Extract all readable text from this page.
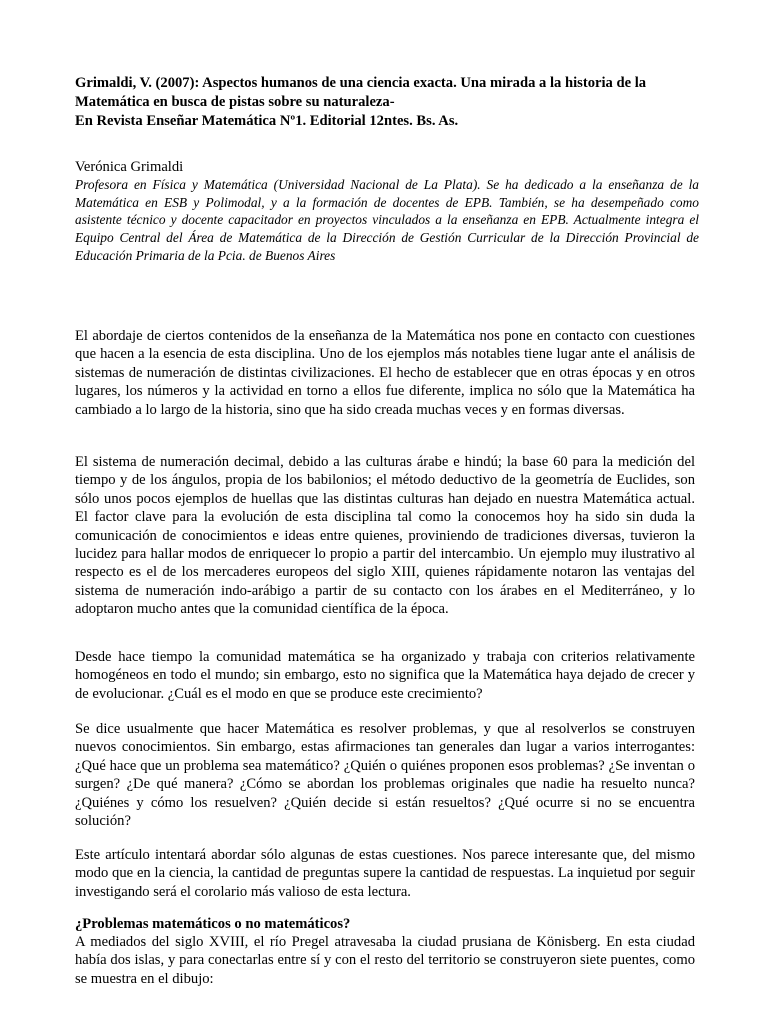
Grimaldi, V. (2007): Aspectos humanos de una ciencia exacta. Una mirada a la historia de la
Matemática en busca de pistas sobre su naturaleza-
En Revista Enseñar Matemática Nº1. Editorial 12ntes. Bs. As.
Verónica Grimaldi
Profesora en Física y Matemática (Universidad Nacional de La Plata). Se ha dedicado a la enseñanza de la Matemática en ESB y Polimodal, y a la formación de docentes de EPB. También, se ha desempeñado como asistente técnico y docente capacitador en proyectos vinculados a la enseñanza en EPB. Actualmente integra el Equipo Central del Área de Matemática de la Dirección de Gestión Curricular de la Dirección Provincial de Educación Primaria de la Pcia. de Buenos Aires
El abordaje de ciertos contenidos de la enseñanza de la Matemática nos pone en contacto con cuestiones que hacen a la esencia de esta disciplina. Uno de los ejemplos más notables tiene lugar ante el análisis de sistemas de numeración de distintas civilizaciones. El hecho de establecer que en otras épocas y en otros lugares, los números y la actividad en torno a ellos fue diferente, implica no sólo que la Matemática ha cambiado a lo largo de la historia, sino que ha sido creada muchas veces y en formas diversas.
El sistema de numeración decimal, debido a las culturas árabe e hindú; la base 60 para la medición del tiempo y de los ángulos, propia de los babilonios; el método deductivo de la geometría de Euclides, son sólo unos pocos ejemplos de huellas que las distintas culturas han dejado en nuestra Matemática actual. El factor clave para la evolución de esta disciplina tal como la conocemos hoy ha sido sin duda la comunicación de conocimientos e ideas entre quienes, proviniendo de tradiciones diversas, tuvieron la lucidez para hallar modos de enriquecer lo propio a partir del intercambio. Un ejemplo muy ilustrativo al respecto es el de los mercaderes europeos del siglo XIII, quienes rápidamente notaron las ventajas del sistema de numeración indo-arábigo a partir de su contacto con los árabes en el Mediterráneo, y lo adoptaron mucho antes que la comunidad científica de la época.
Desde hace tiempo la comunidad matemática se ha organizado y trabaja con criterios relativamente homogéneos en todo el mundo; sin embargo, esto no significa que la Matemática haya dejado de crecer y de evolucionar. ¿Cuál es el modo en que se produce este crecimiento?
Se dice usualmente que hacer Matemática es resolver problemas, y que al resolverlos se construyen nuevos conocimientos. Sin embargo, estas afirmaciones tan generales dan lugar a varios interrogantes: ¿Qué hace que un problema sea matemático? ¿Quién o quiénes proponen esos problemas? ¿Se inventan o surgen? ¿De qué manera? ¿Cómo se abordan los problemas originales que nadie ha resuelto nunca? ¿Quiénes y cómo los resuelven? ¿Quién decide si están resueltos? ¿Qué ocurre si no se encuentra solución?
Este artículo intentará abordar sólo algunas de estas cuestiones. Nos parece interesante que, del mismo modo que en la ciencia, la cantidad de preguntas supere la cantidad de respuestas. La inquietud por seguir investigando será el corolario más valioso de esta lectura.
¿Problemas matemáticos o no matemáticos?
A mediados del siglo XVIII, el río Pregel atravesaba la ciudad prusiana de Könisberg. En esta ciudad había dos islas, y para conectarlas entre sí y con el resto del territorio se construyeron siete puentes, como se muestra en el dibujo:
